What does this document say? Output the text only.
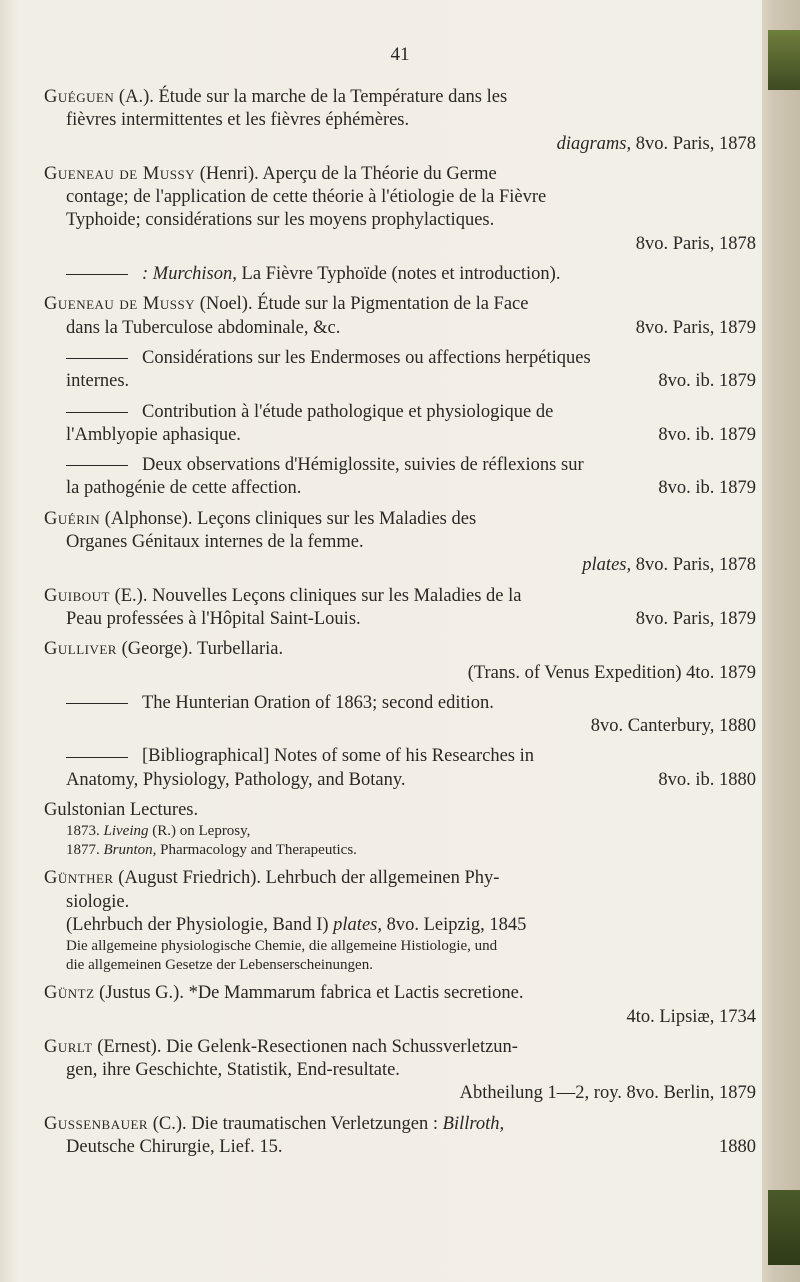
41
Guéguen (A.). Étude sur la marche de la Température dans les
fièvres intermittentes et les fièvres éphémères.
diagrams, 8vo. Paris, 1878
Gueneau de Mussy (Henri). Aperçu de la Théorie du Germe
contage; de l'application de cette théorie à l'étiologie de la Fièvre
Typhoide; considérations sur les moyens prophylactiques.
8vo. Paris, 1878
: Murchison, La Fièvre Typhoïde (notes et introduction).
Gueneau de Mussy (Noel). Étude sur la Pigmentation de la Face
dans la Tuberculose abdominale, &c.	8vo. Paris, 1879
Considérations sur les Endermoses ou affections herpétiques
internes.	8vo. ib. 1879
Contribution à l'étude pathologique et physiologique de
l'Amblyopie aphasique.	8vo. ib. 1879
Deux observations d'Hémiglossite, suivies de réflexions sur
la pathogénie de cette affection.	8vo. ib. 1879
Guérin (Alphonse). Leçons cliniques sur les Maladies des
Organes Génitaux internes de la femme.
plates, 8vo. Paris, 1878
Guibout (E.). Nouvelles Leçons cliniques sur les Maladies de la
Peau professées à l'Hôpital Saint-Louis.	8vo. Paris, 1879
Gulliver (George). Turbellaria.
(Trans. of Venus Expedition) 4to. 1879
The Hunterian Oration of 1863; second edition.
8vo. Canterbury, 1880
[Bibliographical] Notes of some of his Researches in
Anatomy, Physiology, Pathology, and Botany.	8vo. ib. 1880
Gulstonian Lectures.
1873. Liveing (R.) on Leprosy,
1877. Brunton, Pharmacology and Therapeutics.
Günther (August Friedrich). Lehrbuch der allgemeinen Phy-
siologie.
(Lehrbuch der Physiologie, Band I) plates, 8vo. Leipzig, 1845
Die allgemeine physiologische Chemie, die allgemeine Histiologie, und
die allgemeinen Gesetze der Lebenserscheinungen.
Güntz (Justus G.). *De Mammarum fabrica et Lactis secretione.
4to. Lipsiæ, 1734
Gurlt (Ernest). Die Gelenk-Resectionen nach Schussverletzun-
gen, ihre Geschichte, Statistik, End-resultate.
Abtheilung 1—2, roy. 8vo. Berlin, 1879
Gussenbauer (C.). Die traumatischen Verletzungen : Billroth,
Deutsche Chirurgie, Lief. 15.	1880
